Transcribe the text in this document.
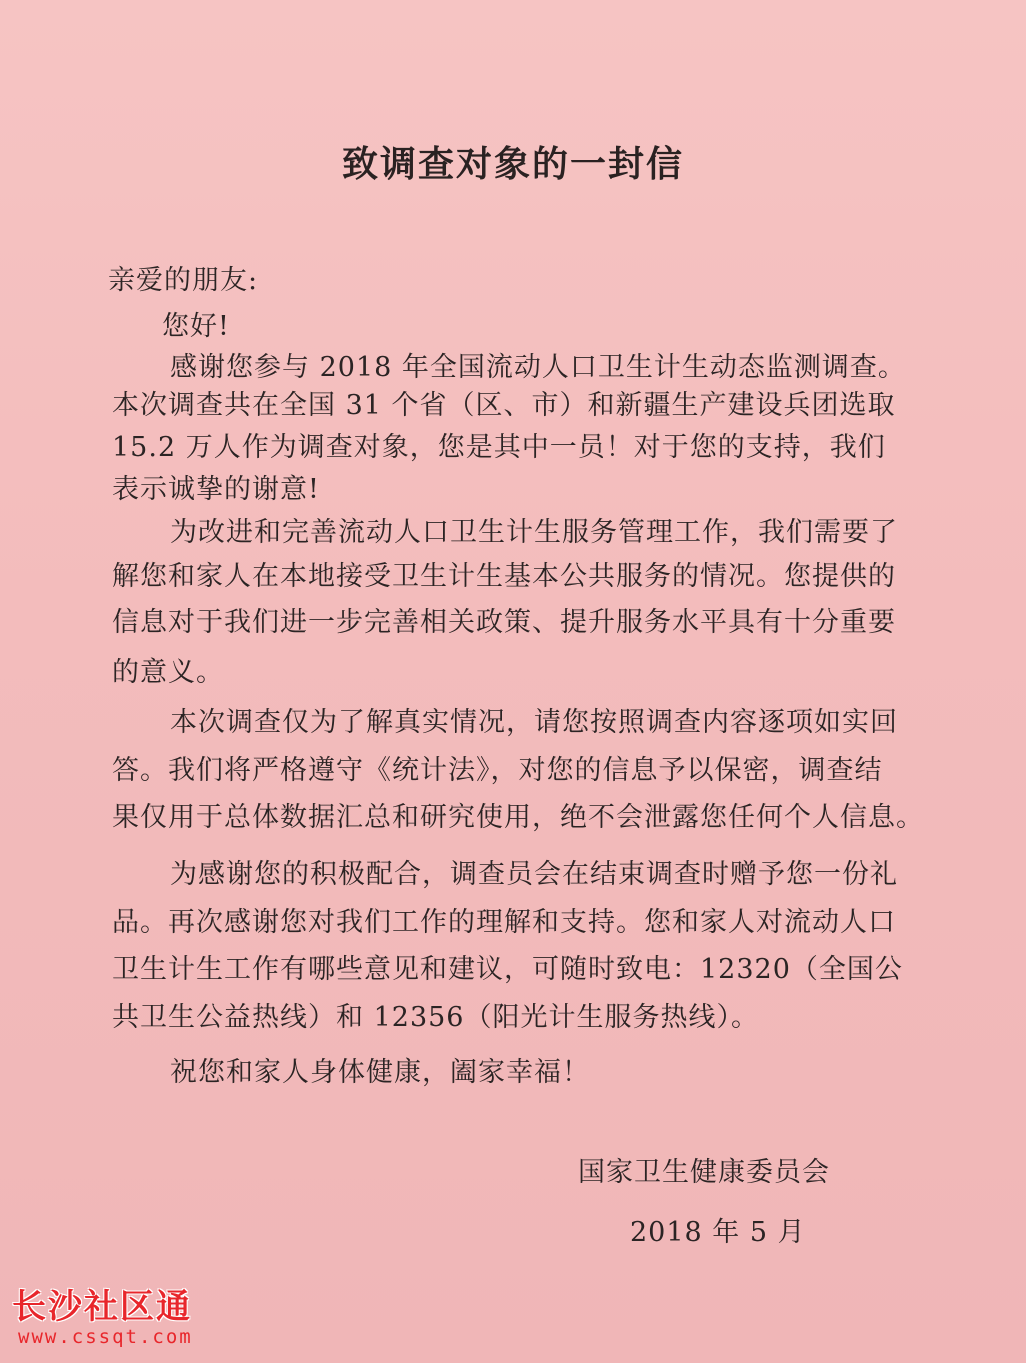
致调查对象的一封信
亲爱的朋友:
您好!
感谢您参与 2018 年全国流动人口卫生计生动态监测调查。
本次调查共在全国 31 个省（区、市）和新疆生产建设兵团选取
15.2 万人作为调查对象，您是其中一员！对于您的支持，我们
表示诚挚的谢意!
为改进和完善流动人口卫生计生服务管理工作，我们需要了
解您和家人在本地接受卫生计生基本公共服务的情况。您提供的
信息对于我们进一步完善相关政策、提升服务水平具有十分重要
的意义。
本次调查仅为了解真实情况，请您按照调查内容逐项如实回
答。我们将严格遵守《统计法》，对您的信息予以保密，调查结
果仅用于总体数据汇总和研究使用，绝不会泄露您任何个人信息。
为感谢您的积极配合，调查员会在结束调查时赠予您一份礼
品。再次感谢您对我们工作的理解和支持。您和家人对流动人口
卫生计生工作有哪些意见和建议，可随时致电：12320（全国公
共卫生公益热线）和 12356（阳光计生服务热线）。
祝您和家人身体健康，阖家幸福！
国家卫生健康委员会
2018 年 5 月
长沙社区通
www.cssqt.com
